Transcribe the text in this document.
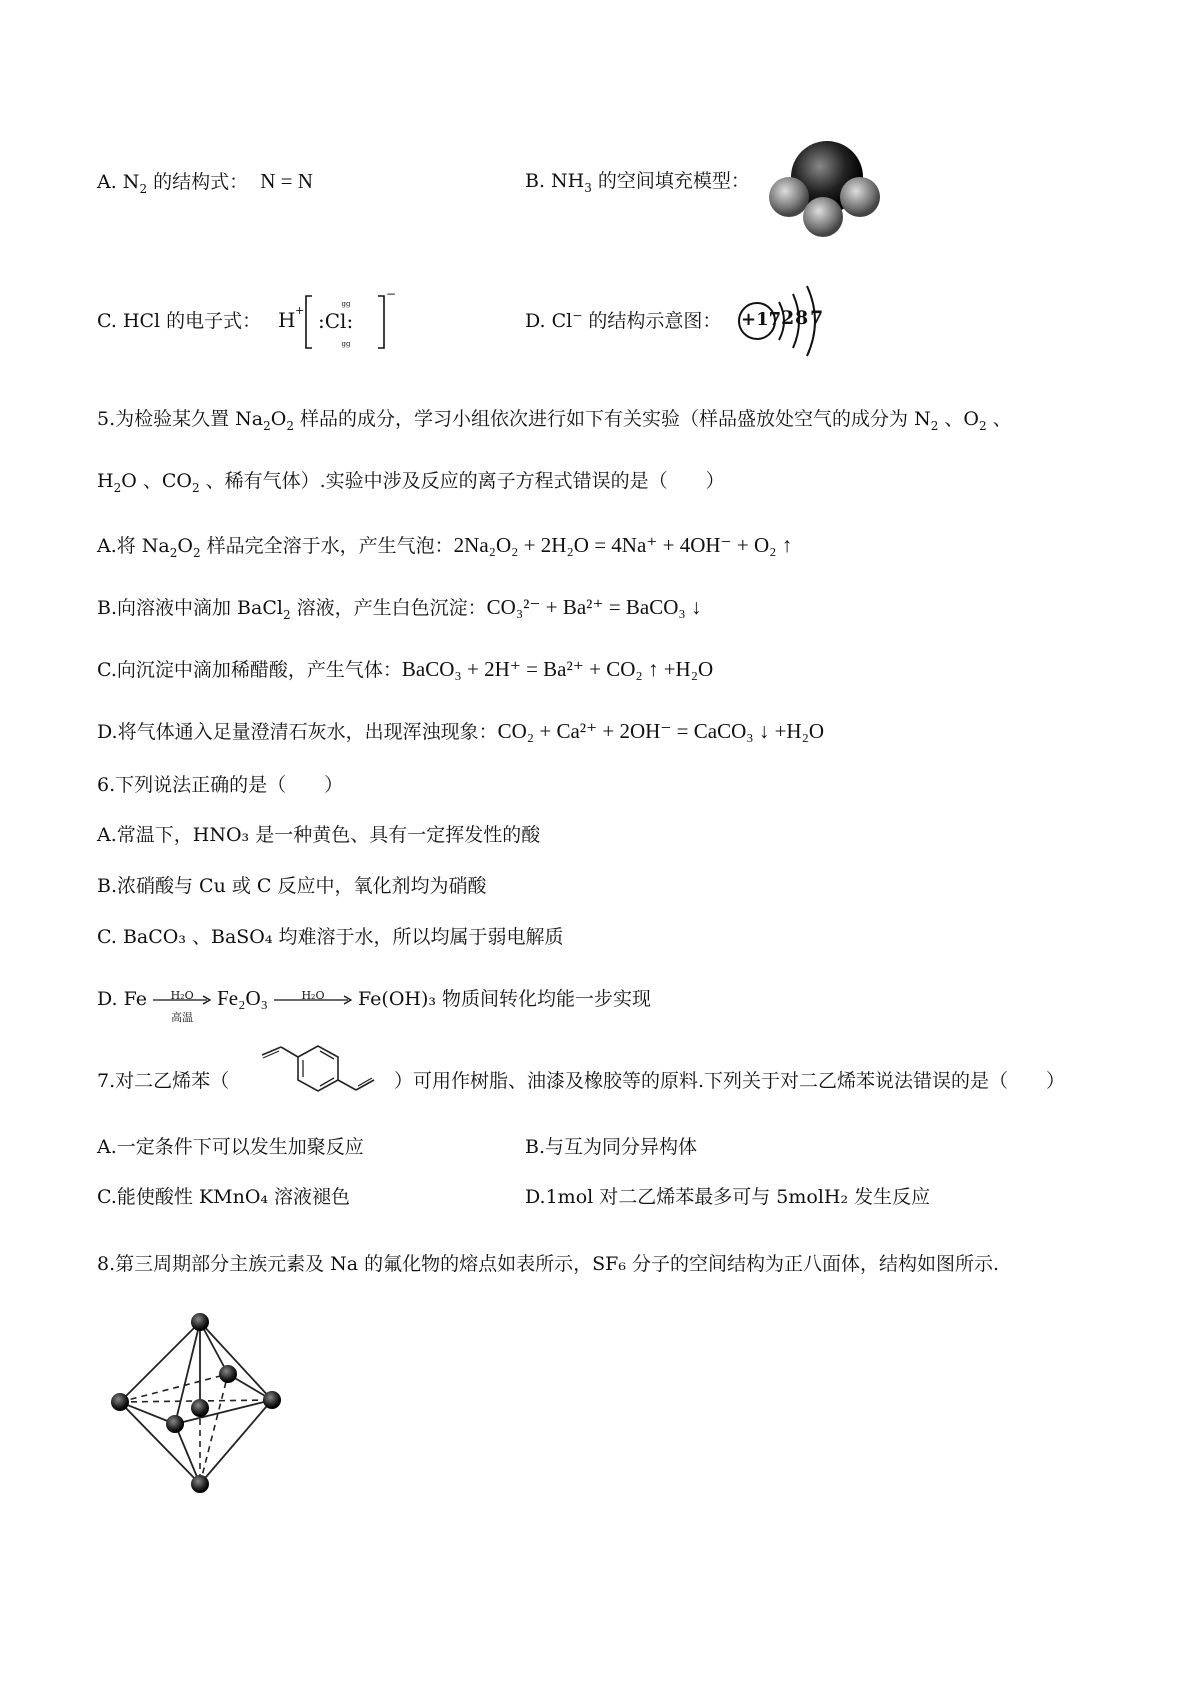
A. $N_2$ 的结构式： N = N	B. $NH_3$ 的空间填充模型：
C. HCl 的电子式： H +	gg
gg
−
:Cl:	D. Cl− 的结构示意图： +17 2 8 7
5.为检验某久置 $Na_2O_2$ 样品的成分，学习小组依次进行如下有关实验（样品盛放处空气的成分为 $N_2$ 、$O_2$ 、
$H_2O$ 、$CO_2$ 、稀有气体）.实验中涉及反应的离子方程式错误的是（　　）
A.将 $Na_2O_2$ 样品完全溶于水，产生气泡：2Na₂O₂ + 2H₂O = 4Na⁺ + 4OH⁻ + O₂ ↑
B.向溶液中滴加 BaCl$_2$ 溶液，产生白色沉淀：CO₃²⁻ + Ba²⁺ = BaCO₃ ↓
C.向沉淀中滴加稀醋酸，产生气体：BaCO₃ + 2H⁺ = Ba²⁺ + CO₂ ↑ +H₂O
D.将气体通入足量澄清石灰水，出现浑浊现象：CO₂ + Ca²⁺ + 2OH⁻ = CaCO₃ ↓ +H₂O
6.下列说法正确的是（　　）
A.常温下，HNO₃ 是一种黄色、具有一定挥发性的酸
B.浓硝酸与 Cu 或 C 反应中，氧化剂均为硝酸
C. BaCO₃ 、BaSO₄ 均难溶于水，所以均属于弱电解质
D. Fe	H₂O
高温
Fe₂O₃	H₂O	Fe(OH)₃ 物质间转化均能一步实现
7.对二乙烯苯（	）可用作树脂、油漆及橡胶等的原料.下列关于对二乙烯苯说法错误的是（　　）
A.一定条件下可以发生加聚反应	B.与互为同分异构体
C.能使酸性 KMnO₄ 溶液褪色	D.1mol 对二乙烯苯最多可与 5molH₂ 发生反应
8.第三周期部分主族元素及 Na 的氟化物的熔点如表所示，SF₆ 分子的空间结构为正八面体，结构如图所示.
